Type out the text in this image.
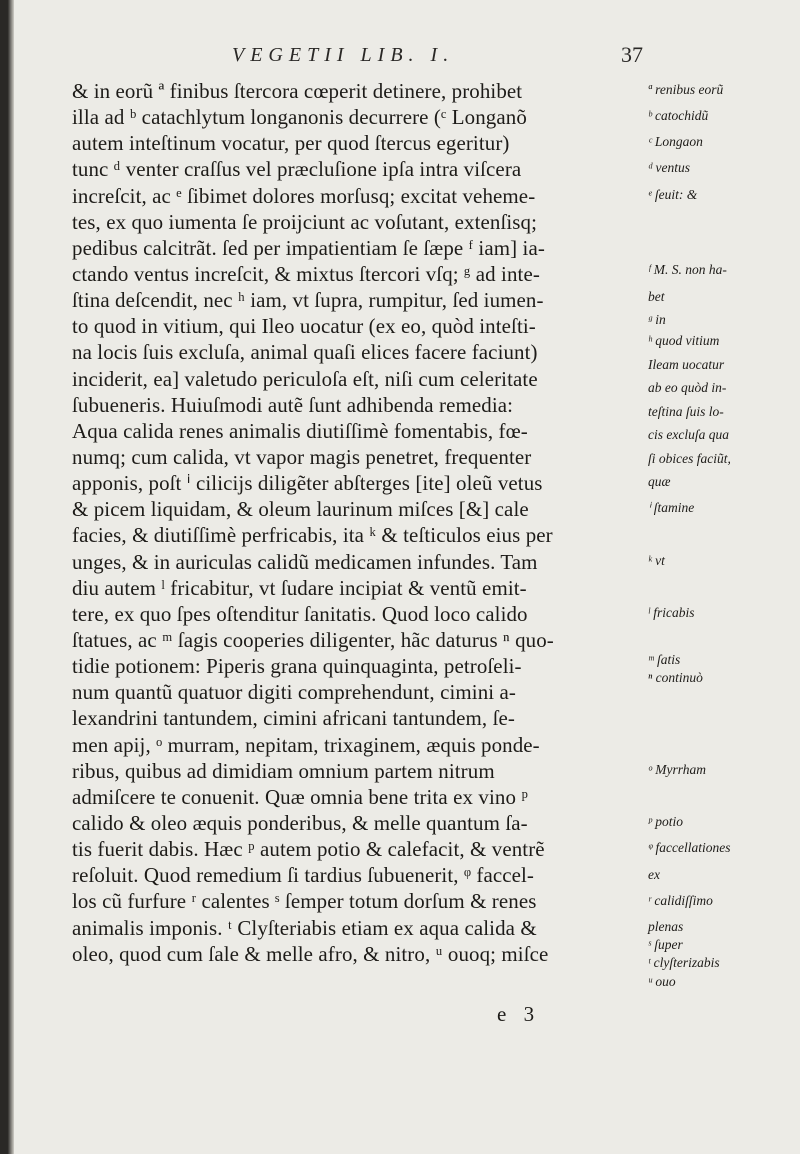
VEGETII LIB. I.	37
& in eorũ ª finibus ſtercora cœperit detinere, prohibet
illa ad ᵇ catachlytum longanonis decurrere (ᶜ Longanõ
autem inteſtinum vocatur, per quod ſtercus egeritur)
tunc ᵈ venter craſſus vel præcluſione ipſa intra viſcera
increſcit, ac ᵉ ſibimet dolores morſusq; excitat veheme-
tes, ex quo iumenta ſe proijciunt ac voſutant, extenſisq;
pedibus calcitrãt. ſed per impatientiam ſe ſæpe ᶠ iam] ia-
ctando ventus increſcit, & mixtus ſtercori vſq; ᵍ ad inte-
ſtina deſcendit, nec ʰ iam, vt ſupra, rumpitur, ſed iumen-
to quod in vitium, qui Ileo uocatur (ex eo, quòd inteſti-
na locis ſuis excluſa, animal quaſi elices facere faciunt)
inciderit, ea] valetudo periculoſa eſt, niſi cum celeritate
ſubueneris. Huiuſmodi autẽ ſunt adhibenda remedia:
Aqua calida renes animalis diutiſſimè fomentabis, fœ-
numq; cum calida, vt vapor magis penetret, frequenter
apponis, poſt ⁱ cilicijs diligẽter abſterges [ite] oleũ vetus
& picem liquidam, & oleum laurinum miſces [&] cale
facies, & diutiſſimè perfricabis, ita ᵏ & teſticulos eius per
unges, & in auriculas calidũ medicamen infundes. Tam
diu autem ˡ fricabitur, vt ſudare incipiat & ventũ emit-
tere, ex quo ſpes oſtenditur ſanitatis. Quod loco calido
ſtatues, ac ᵐ ſagis cooperies diligenter, hãc daturus ⁿ quo-
tidie potionem: Piperis grana quinquaginta, petroſeli-
num quantũ quatuor digiti comprehendunt, cimini a-
lexandrini tantundem, cimini africani tantundem, ſe-
men apij, ᵒ murram, nepitam, trixaginem, æquis ponde-
ribus, quibus ad dimidiam omnium partem nitrum
admiſcere te conuenit. Quæ omnia bene trita ex vino ᵖ
calido & oleo æquis ponderibus, & melle quantum ſa-
tis fuerit dabis. Hæc ᵖ autem potio & calefacit, & ventrẽ
reſoluit. Quod remedium ſi tardius ſubuenerit, ᵠ faccel-
los cũ furfure ʳ calentes ˢ ſemper totum dorſum & renes
animalis imponis. ᵗ Clyſteriabis etiam ex aqua calida &
oleo, quod cum ſale & melle afro, & nitro, ᵘ ouoq; miſce
ª renibus eorũ
ᵇ catochidũ
ᶜ Longaon
ᵈ ventus
ᵉ ſeuit: &
ᶠ M. S. non ha-
bet
ᵍ in
ʰ quod vitium
Ileam uocatur
ab eo quòd in-
teſtina ſuis lo-
cis excluſa qua
ſi obices faciũt,
quæ
ⁱ ſtamine
ᵏ vt
ˡ fricabis
ᵐ ſatis
ⁿ continuò
ᵒ Myrrham
ᵖ potio
ᵠ faccellationes
ex
ʳ calidiſſimo
plenas
ˢ ſuper
ᵗ clyſterizabis
ᵘ ouo
e 3
